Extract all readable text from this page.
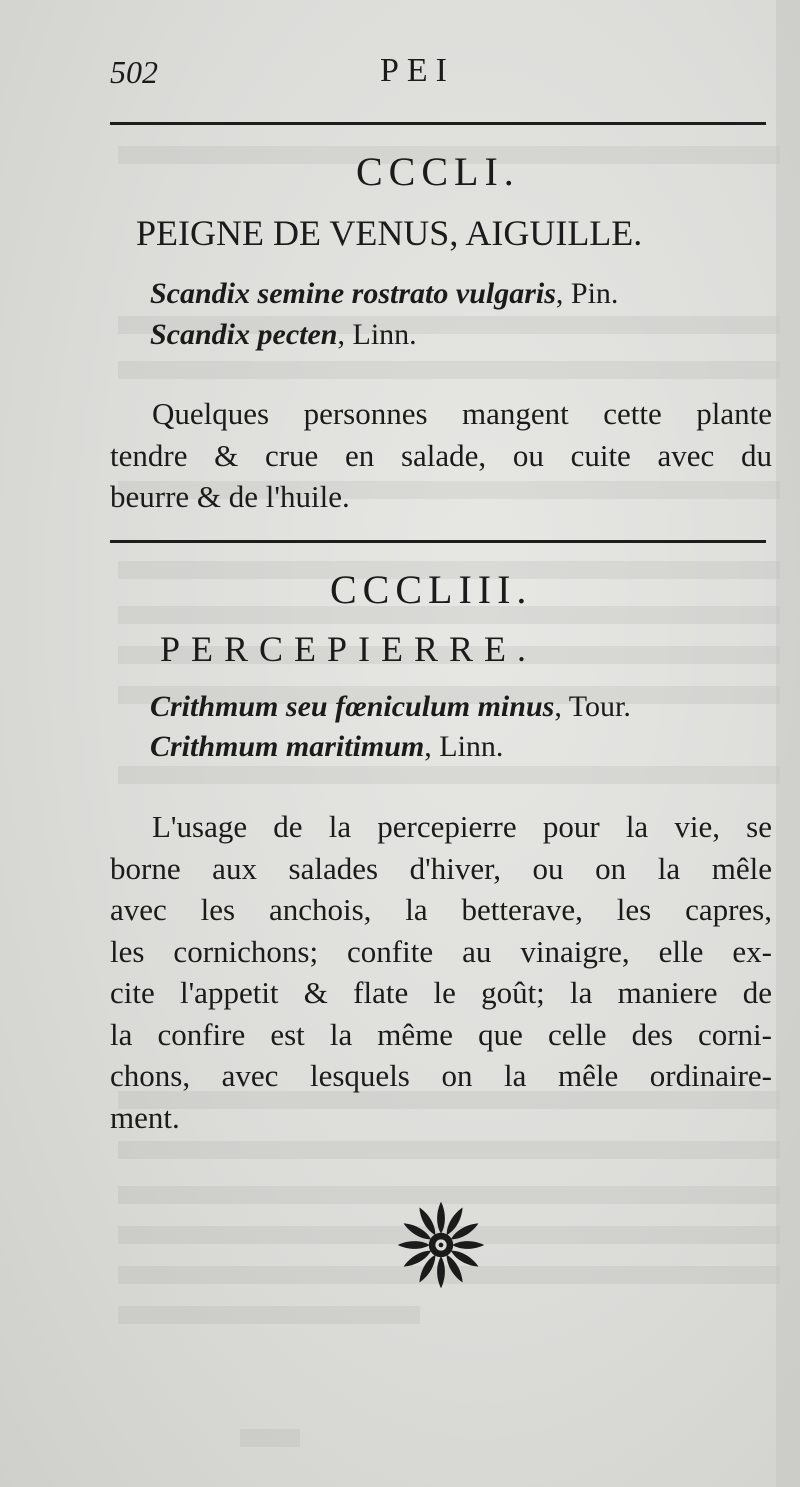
502	PEI
CCCLI.
PEIGNE DE VENUS, AIGUILLE.
Scandix semine rostrato vulgaris, Pin.
Scandix pecten, Linn.
Quelques personnes mangent cette plante
tendre & crue en salade, ou cuite avec du
beurre & de l'huile.
CCCLIII.
PERCEPIERRE.
Crithmum seu fœniculum minus, Tour.
Crithmum maritimum, Linn.
L'usage de la percepierre pour la vie, se
borne aux salades d'hiver, ou on la mêle
avec les anchois, la betterave, les capres,
les cornichons; confite au vinaigre, elle ex-
cite l'appetit & flate le goût; la maniere de
la confire est la même que celle des corni-
chons, avec lesquels on la mêle ordinaire-
ment.
